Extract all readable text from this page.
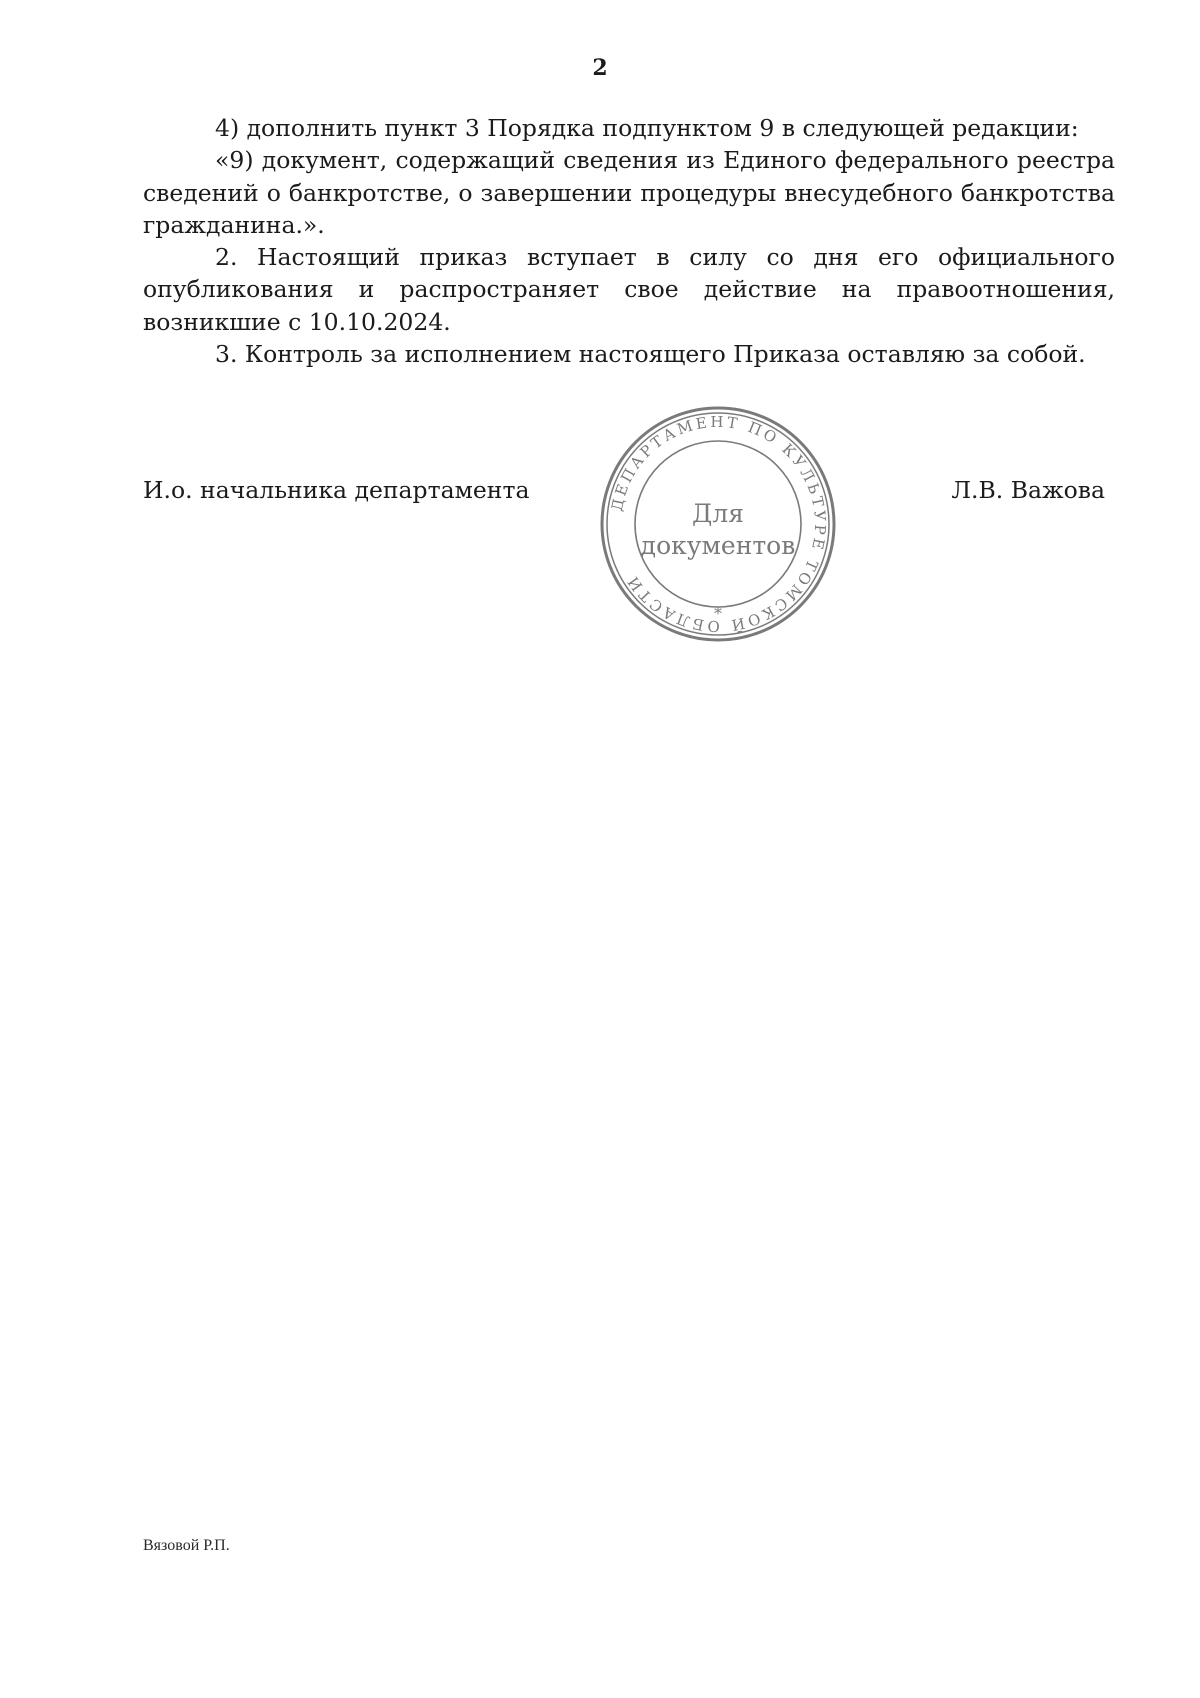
2

4) дополнить пункт 3 Порядка подпунктом 9 в следующей редакции:

«9) документ, содержащий сведения из Единого федерального реестра сведений о банкротстве, о завершении процедуры внесудебного банкротства гражданина.».

2. Настоящий приказ вступает в силу со дня его официального опубликования и распространяет свое действие на правоотношения, возникшие с 10.10.2024.

3. Контроль за исполнением настоящего Приказа оставляю за собой.

И.о. начальника департамента	Л.В. Важова
ДЕПАРТАМЕНТ ПО КУЛЬТУРЕ ТОМСКОЙ ОБЛАСТИ
*
Для
документов
Вязовой Р.П.
